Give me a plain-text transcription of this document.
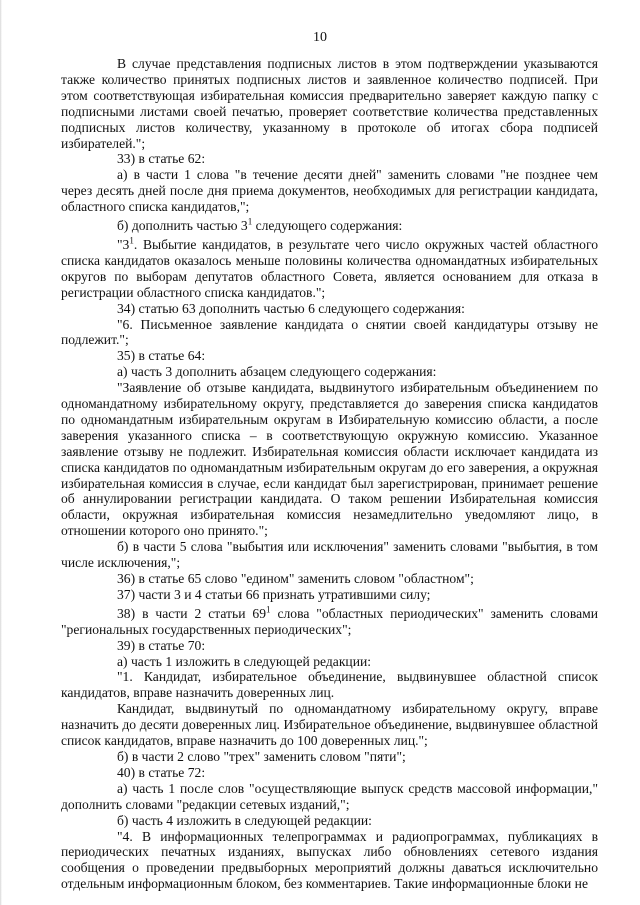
10

В случае представления подписных листов в этом подтверждении указываются также количество принятых подписных листов и заявленное количество подписей. При этом соответствующая избирательная комиссия предварительно заверяет каждую папку с подписными листами своей печатью, проверяет соответствие количества представленных подписных листов количеству, указанному в протоколе об итогах сбора подписей избирателей.";

33) в статье 62:

а) в части 1 слова "в течение десяти дней" заменить словами "не позднее чем через десять дней после дня приема документов, необходимых для регистрации кандидата, областного списка кандидатов,";

б) дополнить частью $3^1$ следующего содержания:

"$3^1$. Выбытие кандидатов, в результате чего число окружных частей областного списка кандидатов оказалось меньше половины количества одномандатных избирательных округов по выборам депутатов областного Совета, является основанием для отказа в регистрации областного списка кандидатов.";

34) статью 63 дополнить частью 6 следующего содержания:

"6. Письменное заявление кандидата о снятии своей кандидатуры отзыву не подлежит.";

35) в статье 64:

а) часть 3 дополнить абзацем следующего содержания:

"Заявление об отзыве кандидата, выдвинутого избирательным объединением по одномандатному избирательному округу, представляется до заверения списка кандидатов по одномандатным избирательным округам в Избирательную комиссию области, а после заверения указанного списка – в соответствующую окружную комиссию. Указанное заявление отзыву не подлежит. Избирательная комиссия области исключает кандидата из списка кандидатов по одномандатным избирательным округам до его заверения, а окружная избирательная комиссия в случае, если кандидат был зарегистрирован, принимает решение об аннулировании регистрации кандидата. О таком решении Избирательная комиссия области, окружная избирательная комиссия незамедлительно уведомляют лицо, в отношении которого оно принято.";

б) в части 5 слова "выбытия или исключения" заменить словами "выбытия, в том числе исключения,";

36) в статье 65 слово "едином" заменить словом "областном";

37) части 3 и 4 статьи 66 признать утратившими силу;

38) в части 2 статьи $69^1$ слова "областных периодических" заменить словами "региональных государственных периодических";

39) в статье 70:

а) часть 1 изложить в следующей редакции:

"1. Кандидат, избирательное объединение, выдвинувшее областной список кандидатов, вправе назначить доверенных лиц.

Кандидат, выдвинутый по одномандатному избирательному округу, вправе назначить до десяти доверенных лиц. Избирательное объединение, выдвинувшее областной список кандидатов, вправе назначить до 100 доверенных лиц.";

б) в части 2 слово "трех" заменить словом "пяти";

40) в статье 72:

а) часть 1 после слов "осуществляющие выпуск средств массовой информации," дополнить словами "редакции сетевых изданий,";

б) часть 4 изложить в следующей редакции:

"4. В информационных телепрограммах и радиопрограммах, публикациях в периодических печатных изданиях, выпусках либо обновлениях сетевого издания сообщения о проведении предвыборных мероприятий должны даваться исключительно отдельным информационным блоком, без комментариев. Такие информационные блоки не
